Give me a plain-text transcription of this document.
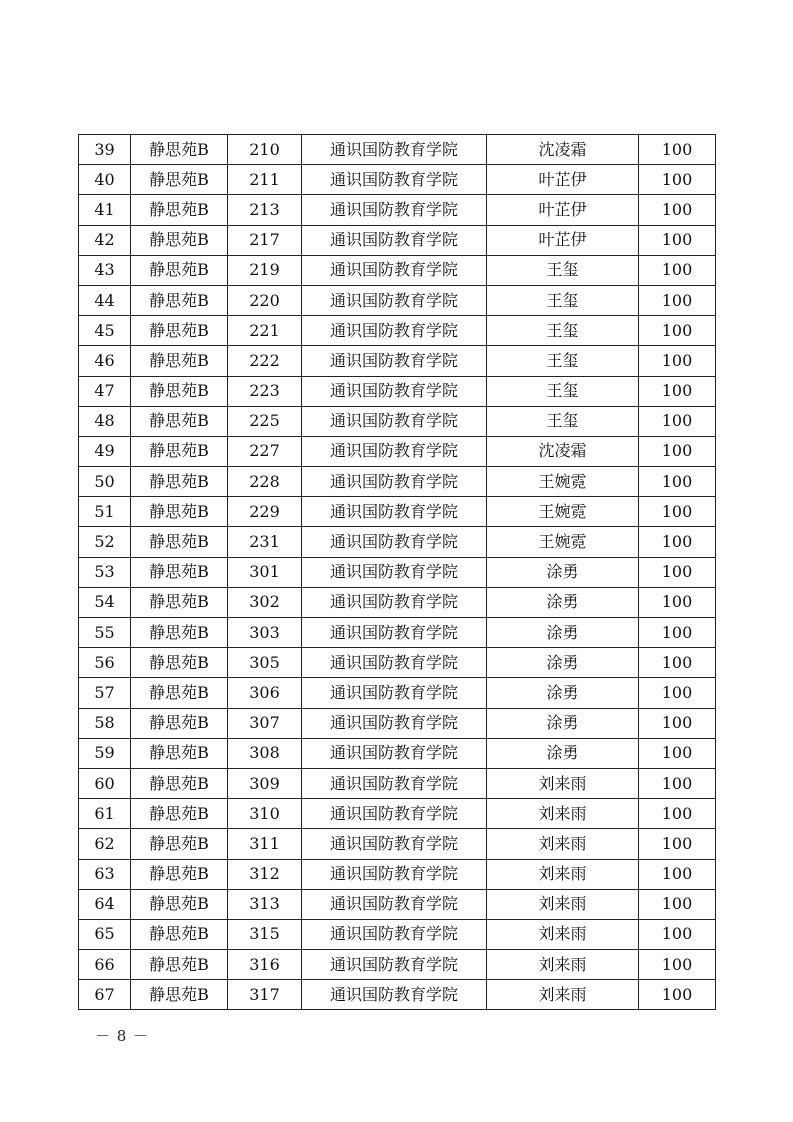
39	静思苑B	210	通识国防教育学院	沈凌霜	100
40	静思苑B	211	通识国防教育学院	叶芷伊	100
41	静思苑B	213	通识国防教育学院	叶芷伊	100
42	静思苑B	217	通识国防教育学院	叶芷伊	100
43	静思苑B	219	通识国防教育学院	王玺	100
44	静思苑B	220	通识国防教育学院	王玺	100
45	静思苑B	221	通识国防教育学院	王玺	100
46	静思苑B	222	通识国防教育学院	王玺	100
47	静思苑B	223	通识国防教育学院	王玺	100
48	静思苑B	225	通识国防教育学院	王玺	100
49	静思苑B	227	通识国防教育学院	沈凌霜	100
50	静思苑B	228	通识国防教育学院	王婉霓	100
51	静思苑B	229	通识国防教育学院	王婉霓	100
52	静思苑B	231	通识国防教育学院	王婉霓	100
53	静思苑B	301	通识国防教育学院	涂勇	100
54	静思苑B	302	通识国防教育学院	涂勇	100
55	静思苑B	303	通识国防教育学院	涂勇	100
56	静思苑B	305	通识国防教育学院	涂勇	100
57	静思苑B	306	通识国防教育学院	涂勇	100
58	静思苑B	307	通识国防教育学院	涂勇	100
59	静思苑B	308	通识国防教育学院	涂勇	100
60	静思苑B	309	通识国防教育学院	刘来雨	100
61	静思苑B	310	通识国防教育学院	刘来雨	100
62	静思苑B	311	通识国防教育学院	刘来雨	100
63	静思苑B	312	通识国防教育学院	刘来雨	100
64	静思苑B	313	通识国防教育学院	刘来雨	100
65	静思苑B	315	通识国防教育学院	刘来雨	100
66	静思苑B	316	通识国防教育学院	刘来雨	100
67	静思苑B	317	通识国防教育学院	刘来雨	100
－ 8 －
